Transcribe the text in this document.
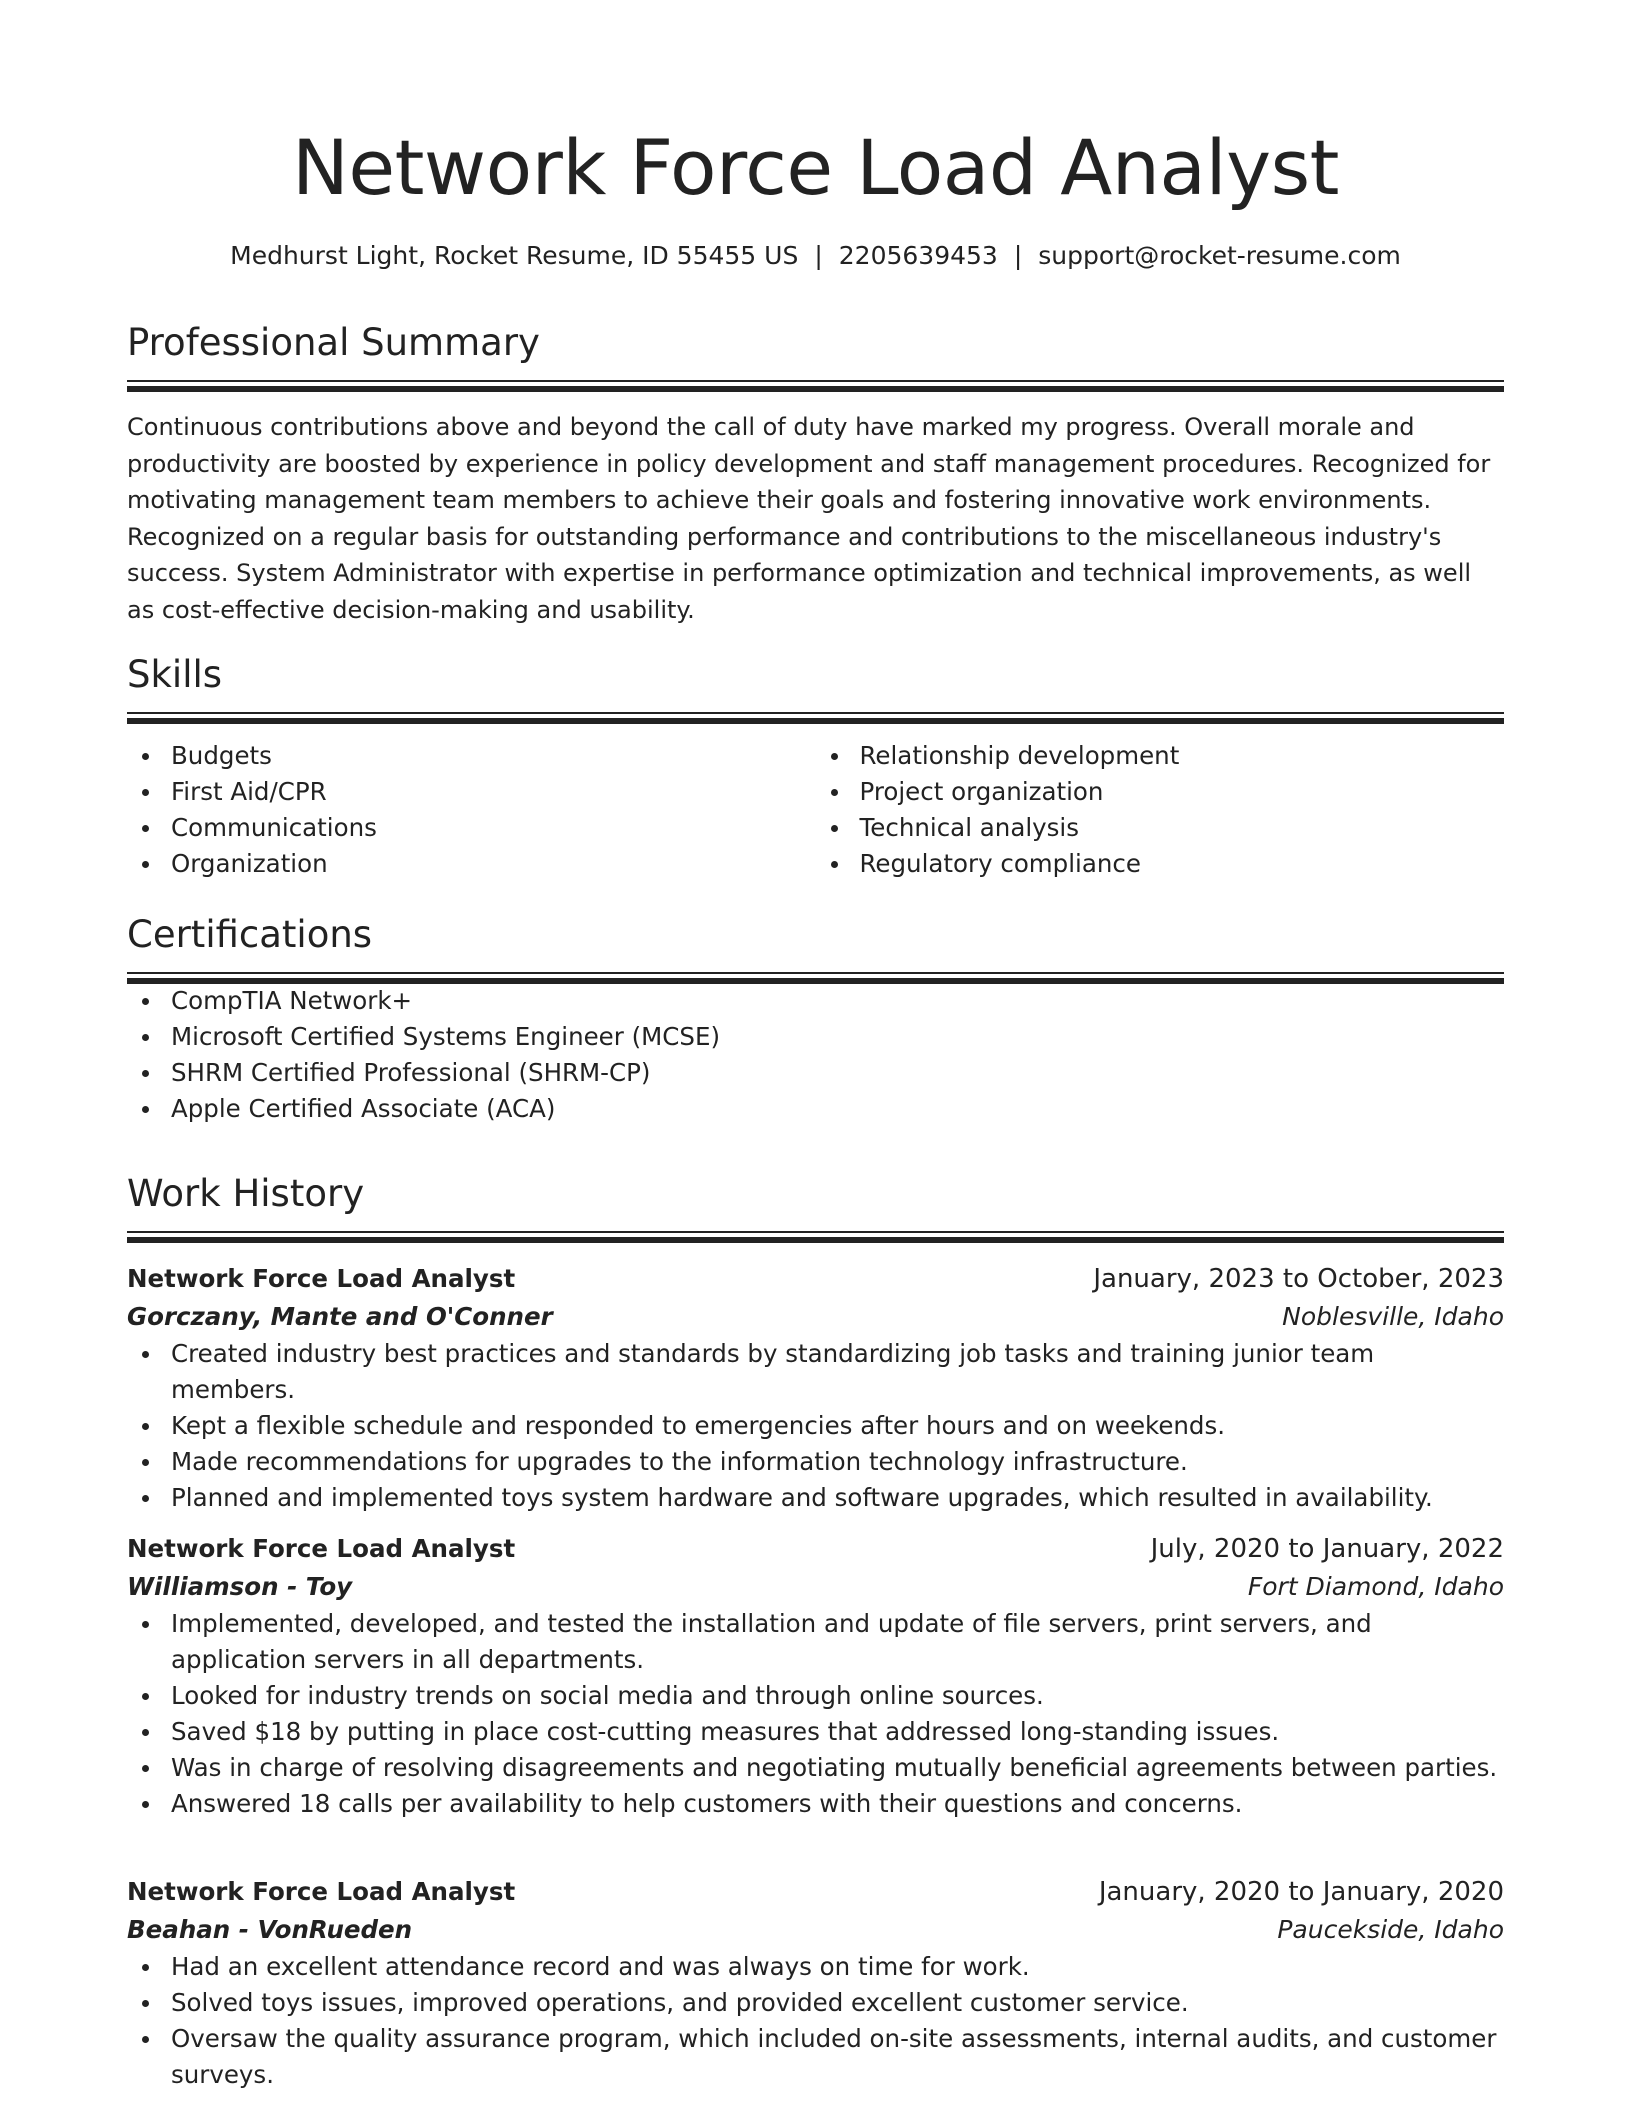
Network Force Load Analyst
Medhurst Light, Rocket Resume, ID 55455 US | 2205639453 | support@rocket-resume.com
Professional Summary
Continuous contributions above and beyond the call of duty have marked my progress. Overall morale and productivity are boosted by experience in policy development and staff management procedures. Recognized for motivating management team members to achieve their goals and fostering innovative work environments. Recognized on a regular basis for outstanding performance and contributions to the miscellaneous industry's success. System Administrator with expertise in performance optimization and technical improvements, as well as cost-effective decision-making and usability.
Skills
Budgets
First Aid/CPR
Communications
Organization
Relationship development
Project organization
Technical analysis
Regulatory compliance
Certifications
CompTIA Network+
Microsoft Certified Systems Engineer (MCSE)
SHRM Certified Professional (SHRM-CP)
Apple Certified Associate (ACA)
Work History
Network Force Load Analyst	January, 2023 to October, 2023
Gorczany, Mante and O'Conner	Noblesville, Idaho
Created industry best practices and standards by standardizing job tasks and training junior team members.
Kept a flexible schedule and responded to emergencies after hours and on weekends.
Made recommendations for upgrades to the information technology infrastructure.
Planned and implemented toys system hardware and software upgrades, which resulted in availability.
Network Force Load Analyst	July, 2020 to January, 2022
Williamson - Toy	Fort Diamond, Idaho
Implemented, developed, and tested the installation and update of file servers, print servers, and application servers in all departments.
Looked for industry trends on social media and through online sources.
Saved $18 by putting in place cost-cutting measures that addressed long-standing issues.
Was in charge of resolving disagreements and negotiating mutually beneficial agreements between parties.
Answered 18 calls per availability to help customers with their questions and concerns.
Network Force Load Analyst	January, 2020 to January, 2020
Beahan - VonRueden	Paucekside, Idaho
Had an excellent attendance record and was always on time for work.
Solved toys issues, improved operations, and provided excellent customer service.
Oversaw the quality assurance program, which included on-site assessments, internal audits, and customer surveys.
